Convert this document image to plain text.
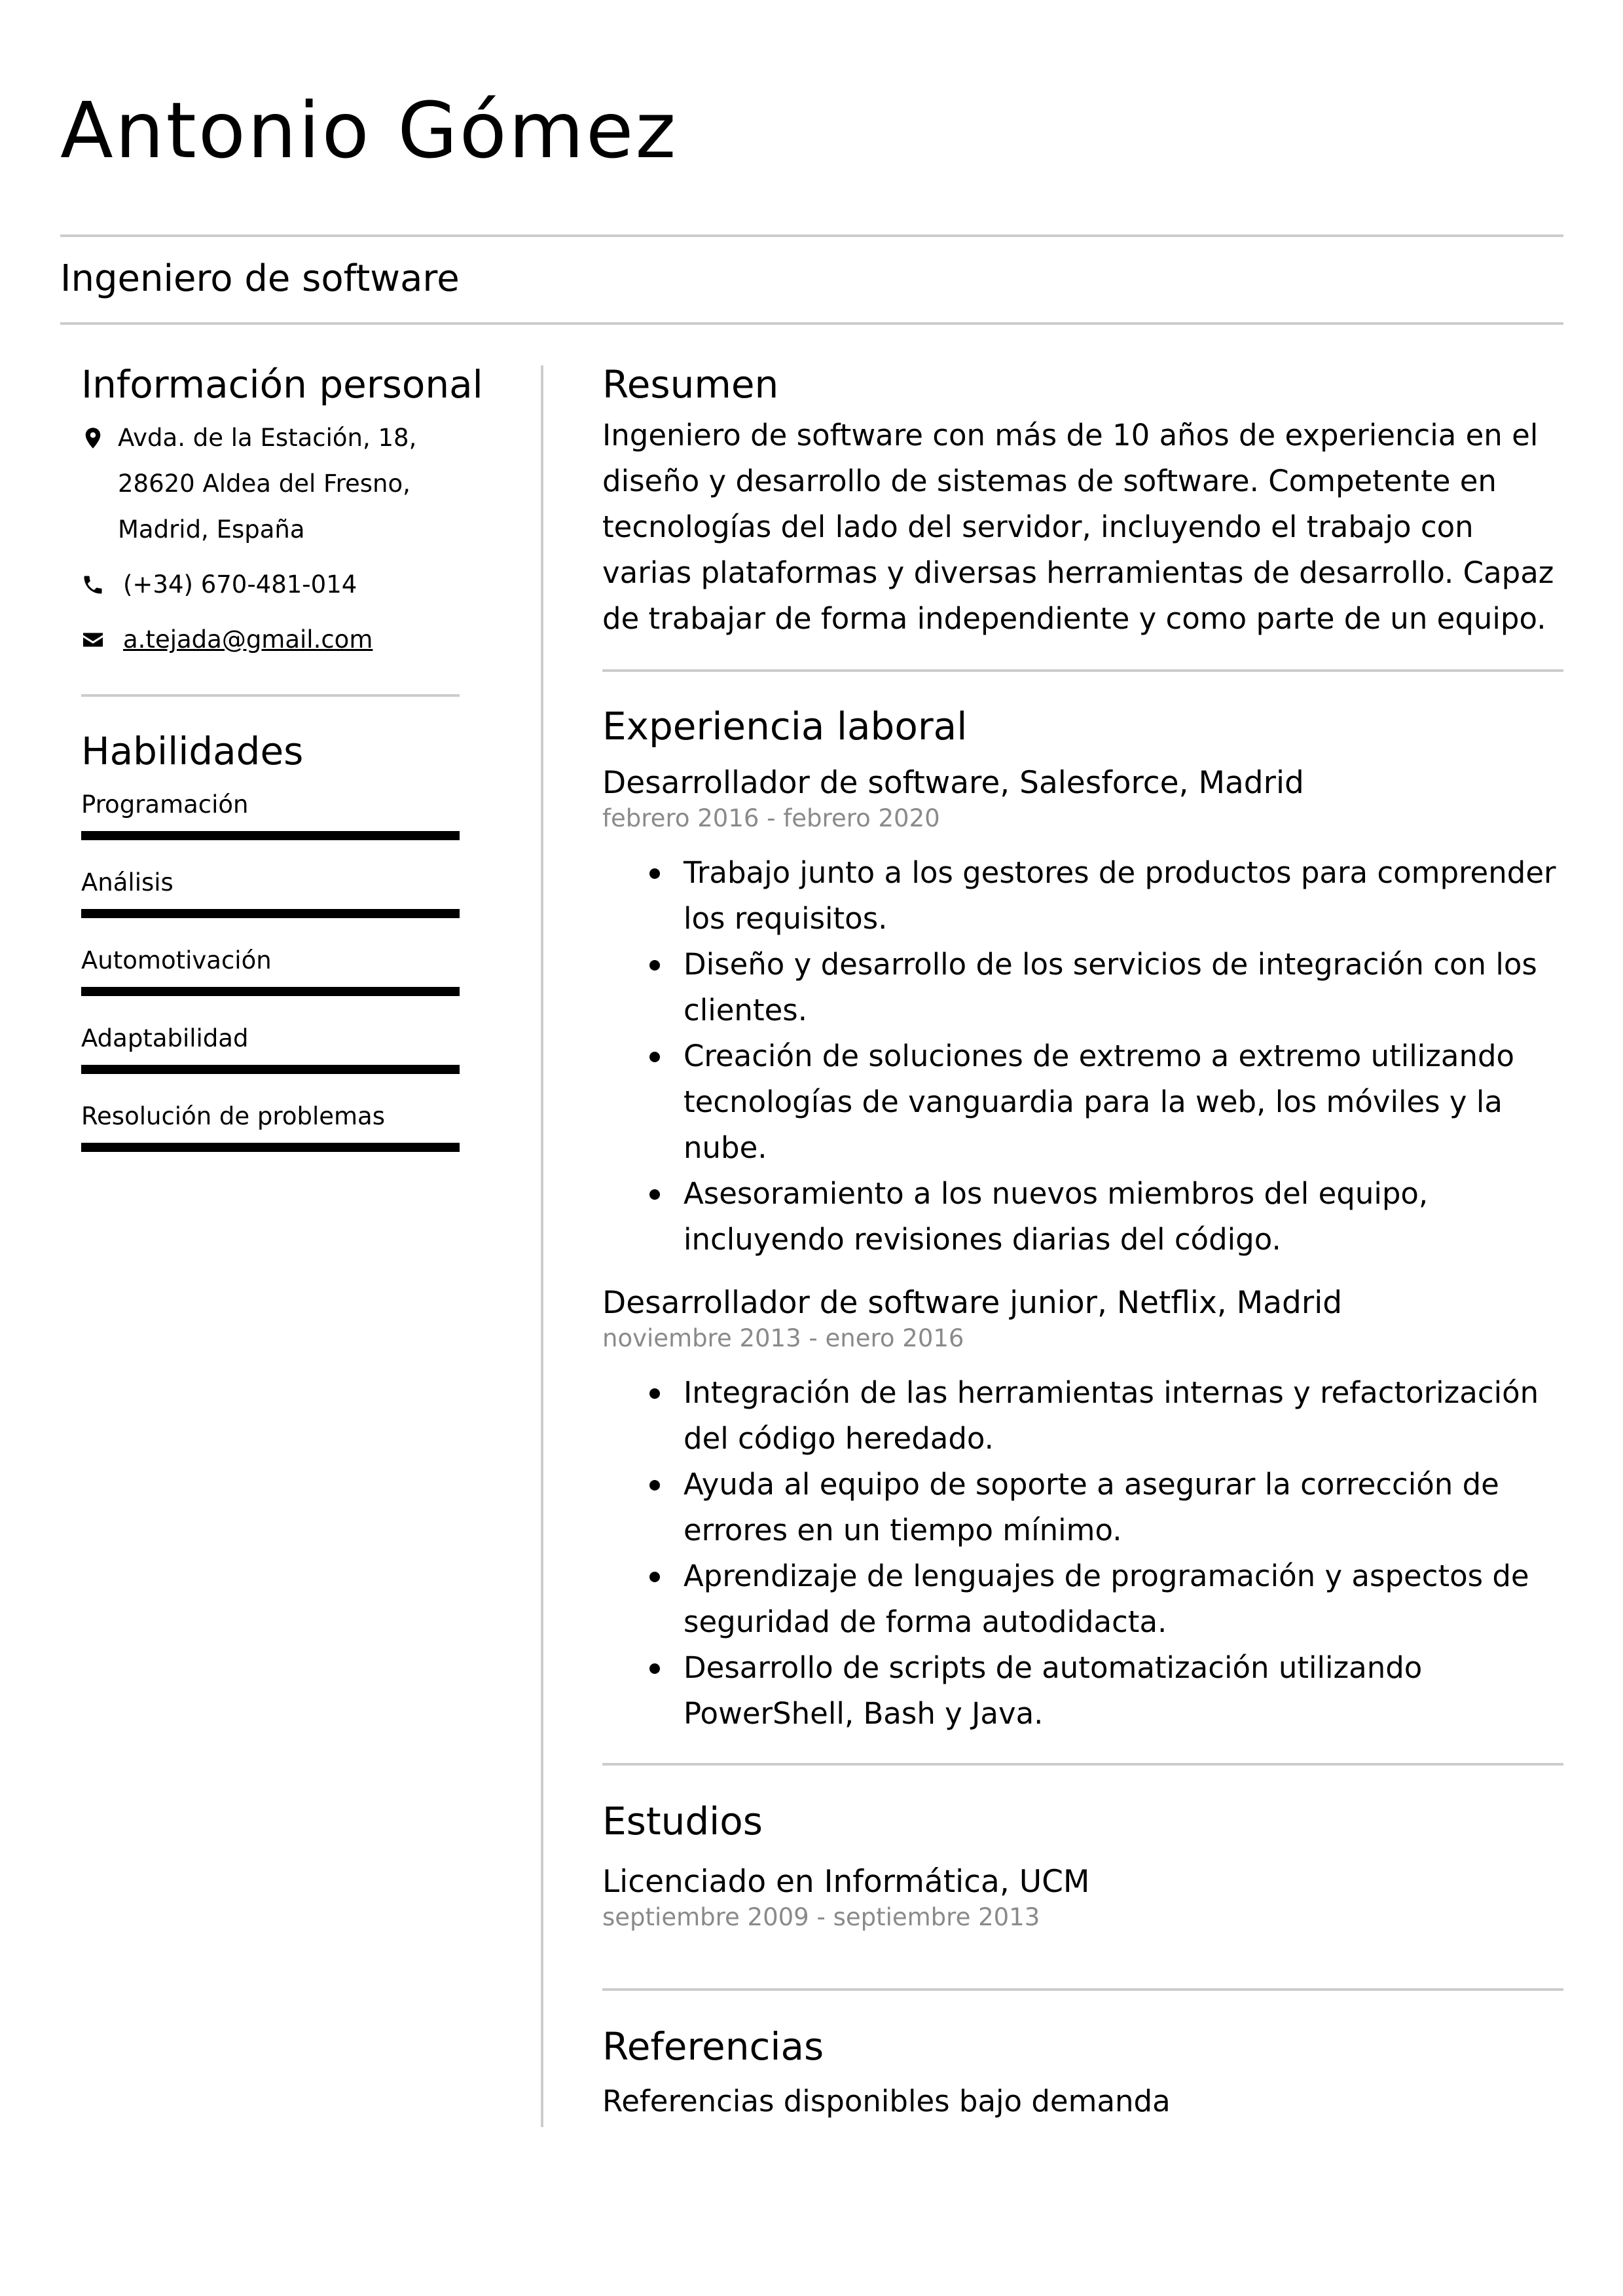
Antonio Gómez
Ingeniero de software
Información personal
Avda. de la Estación, 18,
28620 Aldea del Fresno,
Madrid, España
(+34) 670-481-014
a.tejada@gmail.com
Habilidades
Programación
Análisis
Automotivación
Adaptabilidad
Resolución de problemas
Resumen

Ingeniero de software con más de 10 años de experiencia en el diseño y desarrollo de sistemas de software. Competente en tecnologías del lado del servidor, incluyendo el trabajo con varias plataformas y diversas herramientas de desarrollo. Capaz de trabajar de forma independiente y como parte de un equipo.

Experiencia laboral
Desarrollador de software, Salesforce, Madrid
febrero 2016 - febrero 2020
Trabajo junto a los gestores de productos para comprender los requisitos.
Diseño y desarrollo de los servicios de integración con los clientes.
Creación de soluciones de extremo a extremo utilizando tecnologías de vanguardia para la web, los móviles y la nube.
Asesoramiento a los nuevos miembros del equipo, incluyendo revisiones diarias del código.
Desarrollador de software junior, Netflix, Madrid
noviembre 2013 - enero 2016
Integración de las herramientas internas y refactorización del código heredado.
Ayuda al equipo de soporte a asegurar la corrección de errores en un tiempo mínimo.
Aprendizaje de lenguajes de programación y aspectos de seguridad de forma autodidacta.
Desarrollo de scripts de automatización utilizando PowerShell, Bash y Java.
Estudios
Licenciado en Informática, UCM
septiembre 2009 - septiembre 2013
Referencias

Referencias disponibles bajo demanda
